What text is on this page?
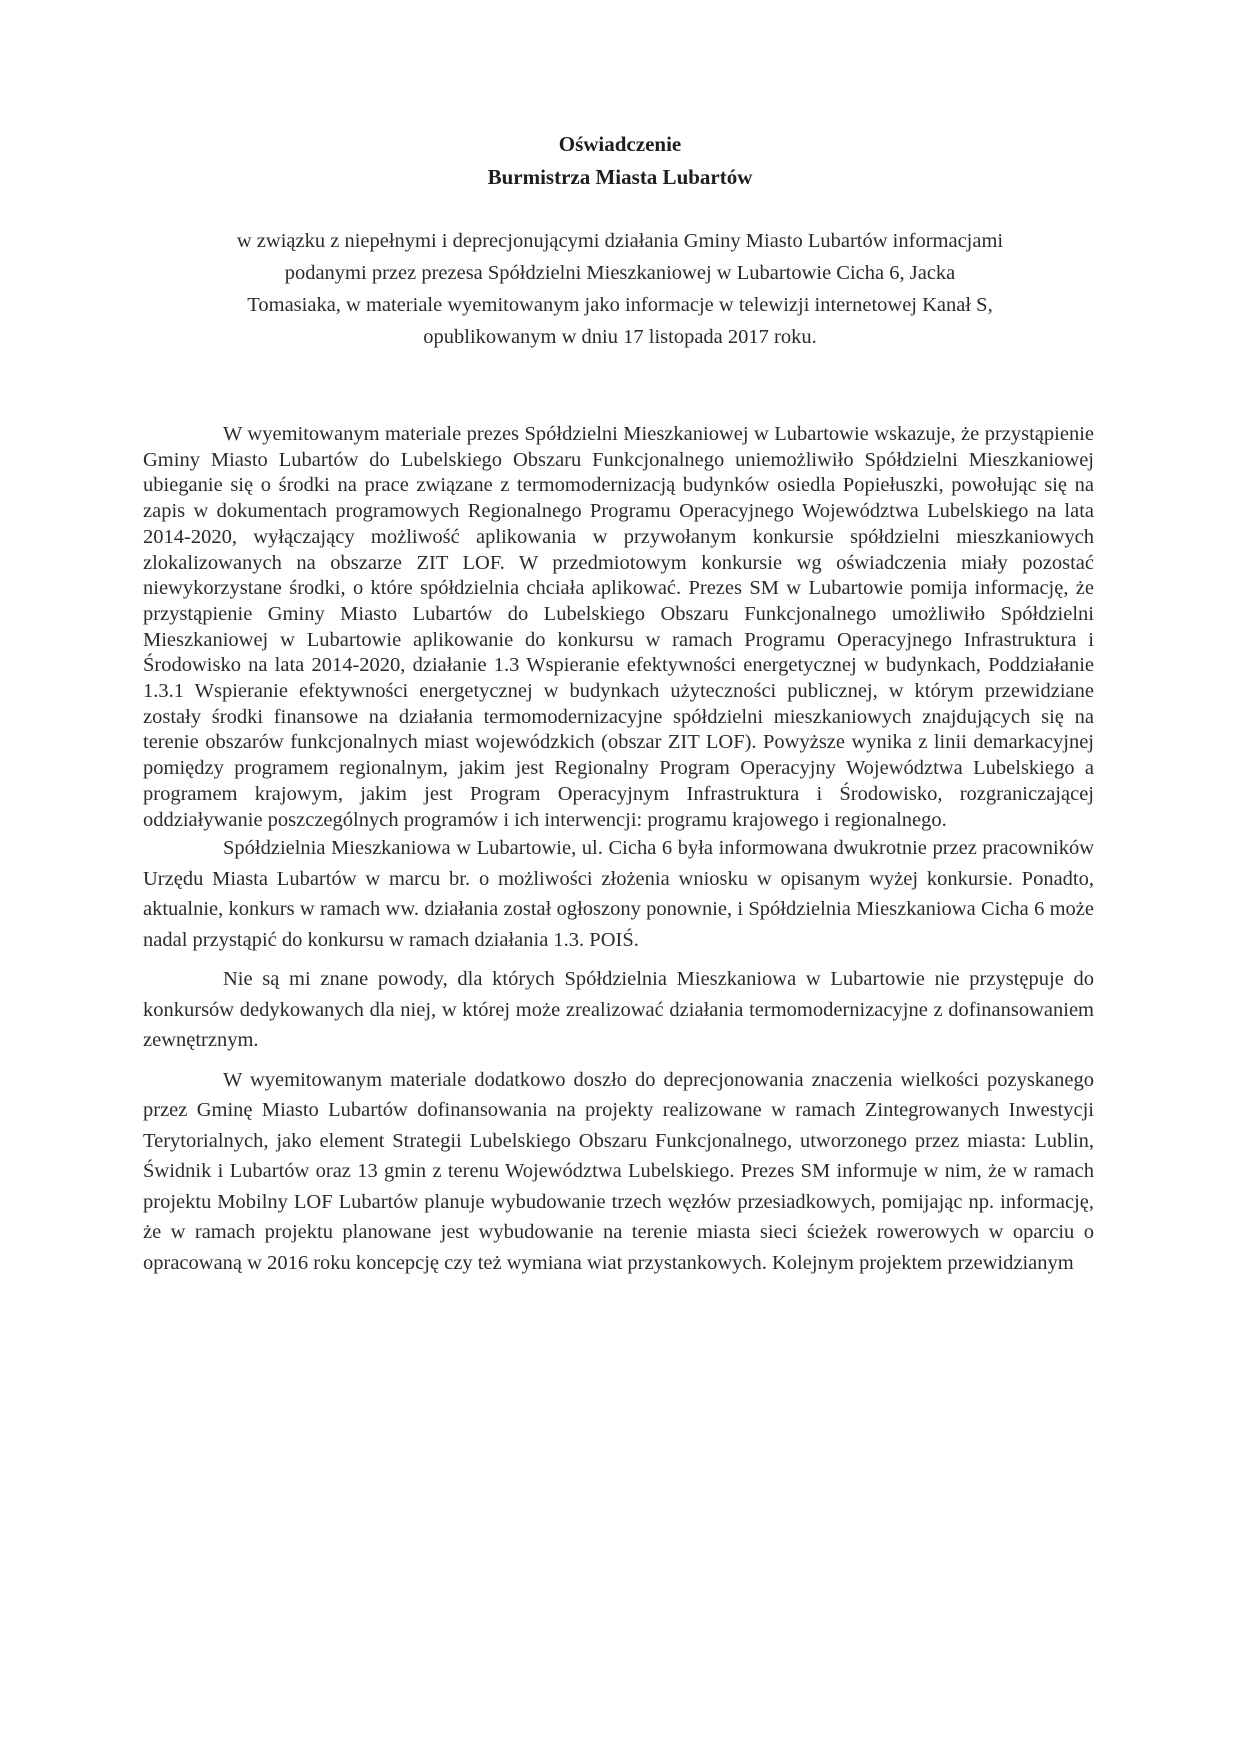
Oświadczenie
Burmistrza Miasta Lubartów
w związku z niepełnymi i deprecjonującymi działania Gminy Miasto Lubartów informacjami
podanymi przez prezesa Spółdzielni Mieszkaniowej w Lubartowie Cicha 6, Jacka
Tomasiaka, w materiale wyemitowanym jako informacje w telewizji internetowej Kanał S,
opublikowanym w dniu 17 listopada 2017 roku.

W wyemitowanym materiale prezes Spółdzielni Mieszkaniowej w Lubartowie wskazuje, że przystąpienie Gminy Miasto Lubartów do Lubelskiego Obszaru Funkcjonalnego uniemożliwiło Spółdzielni Mieszkaniowej ubieganie się o środki na prace związane z termomodernizacją budynków osiedla Popiełuszki, powołując się na zapis w dokumentach programowych Regionalnego Programu Operacyjnego Województwa Lubelskiego na lata 2014-2020, wyłączający możliwość aplikowania w przywołanym konkursie spółdzielni mieszkaniowych zlokalizowanych na obszarze ZIT LOF. W przedmiotowym konkursie wg oświadczenia miały pozostać niewykorzystane środki, o które spółdzielnia chciała aplikować. Prezes SM w Lubartowie pomija informację, że przystąpienie Gminy Miasto Lubartów do Lubelskiego Obszaru Funkcjonalnego umożliwiło Spółdzielni Mieszkaniowej w Lubartowie aplikowanie do konkursu w ramach Programu Operacyjnego Infrastruktura i Środowisko na lata 2014-2020, działanie 1.3 Wspieranie efektywności energetycznej w budynkach, Poddziałanie 1.3.1 Wspieranie efektywności energetycznej w budynkach użyteczności publicznej, w którym przewidziane zostały środki finansowe na działania termomodernizacyjne spółdzielni mieszkaniowych znajdujących się na terenie obszarów funkcjonalnych miast wojewódzkich (obszar ZIT LOF). Powyższe wynika z linii demarkacyjnej pomiędzy programem regionalnym, jakim jest Regionalny Program Operacyjny Województwa Lubelskiego a programem krajowym, jakim jest Program Operacyjnym Infrastruktura i Środowisko, rozgraniczającej oddziaływanie poszczególnych programów i ich interwencji: programu krajowego i regionalnego.

Spółdzielnia Mieszkaniowa w Lubartowie, ul. Cicha 6 była informowana dwukrotnie przez pracowników Urzędu Miasta Lubartów w marcu br. o możliwości złożenia wniosku w opisanym wyżej konkursie. Ponadto, aktualnie, konkurs w ramach ww. działania został ogłoszony ponownie, i Spółdzielnia Mieszkaniowa Cicha 6 może nadal przystąpić do konkursu w ramach działania 1.3. POIŚ.

Nie są mi znane powody, dla których Spółdzielnia Mieszkaniowa w Lubartowie nie przystępuje do konkursów dedykowanych dla niej, w której może zrealizować działania termomodernizacyjne z dofinansowaniem zewnętrznym.

W wyemitowanym materiale dodatkowo doszło do deprecjonowania znaczenia wielkości pozyskanego przez Gminę Miasto Lubartów dofinansowania na projekty realizowane w ramach Zintegrowanych Inwestycji Terytorialnych, jako element Strategii Lubelskiego Obszaru Funkcjonalnego, utworzonego przez miasta: Lublin, Świdnik i Lubartów oraz 13 gmin z terenu Województwa Lubelskiego. Prezes SM informuje w nim, że w ramach projektu Mobilny LOF Lubartów planuje wybudowanie trzech węzłów przesiadkowych, pomijając np. informację, że w ramach projektu planowane jest wybudowanie na terenie miasta sieci ścieżek rowerowych w oparciu o opracowaną w 2016 roku koncepcję czy też wymiana wiat przystankowych. Kolejnym projektem przewidzianym
